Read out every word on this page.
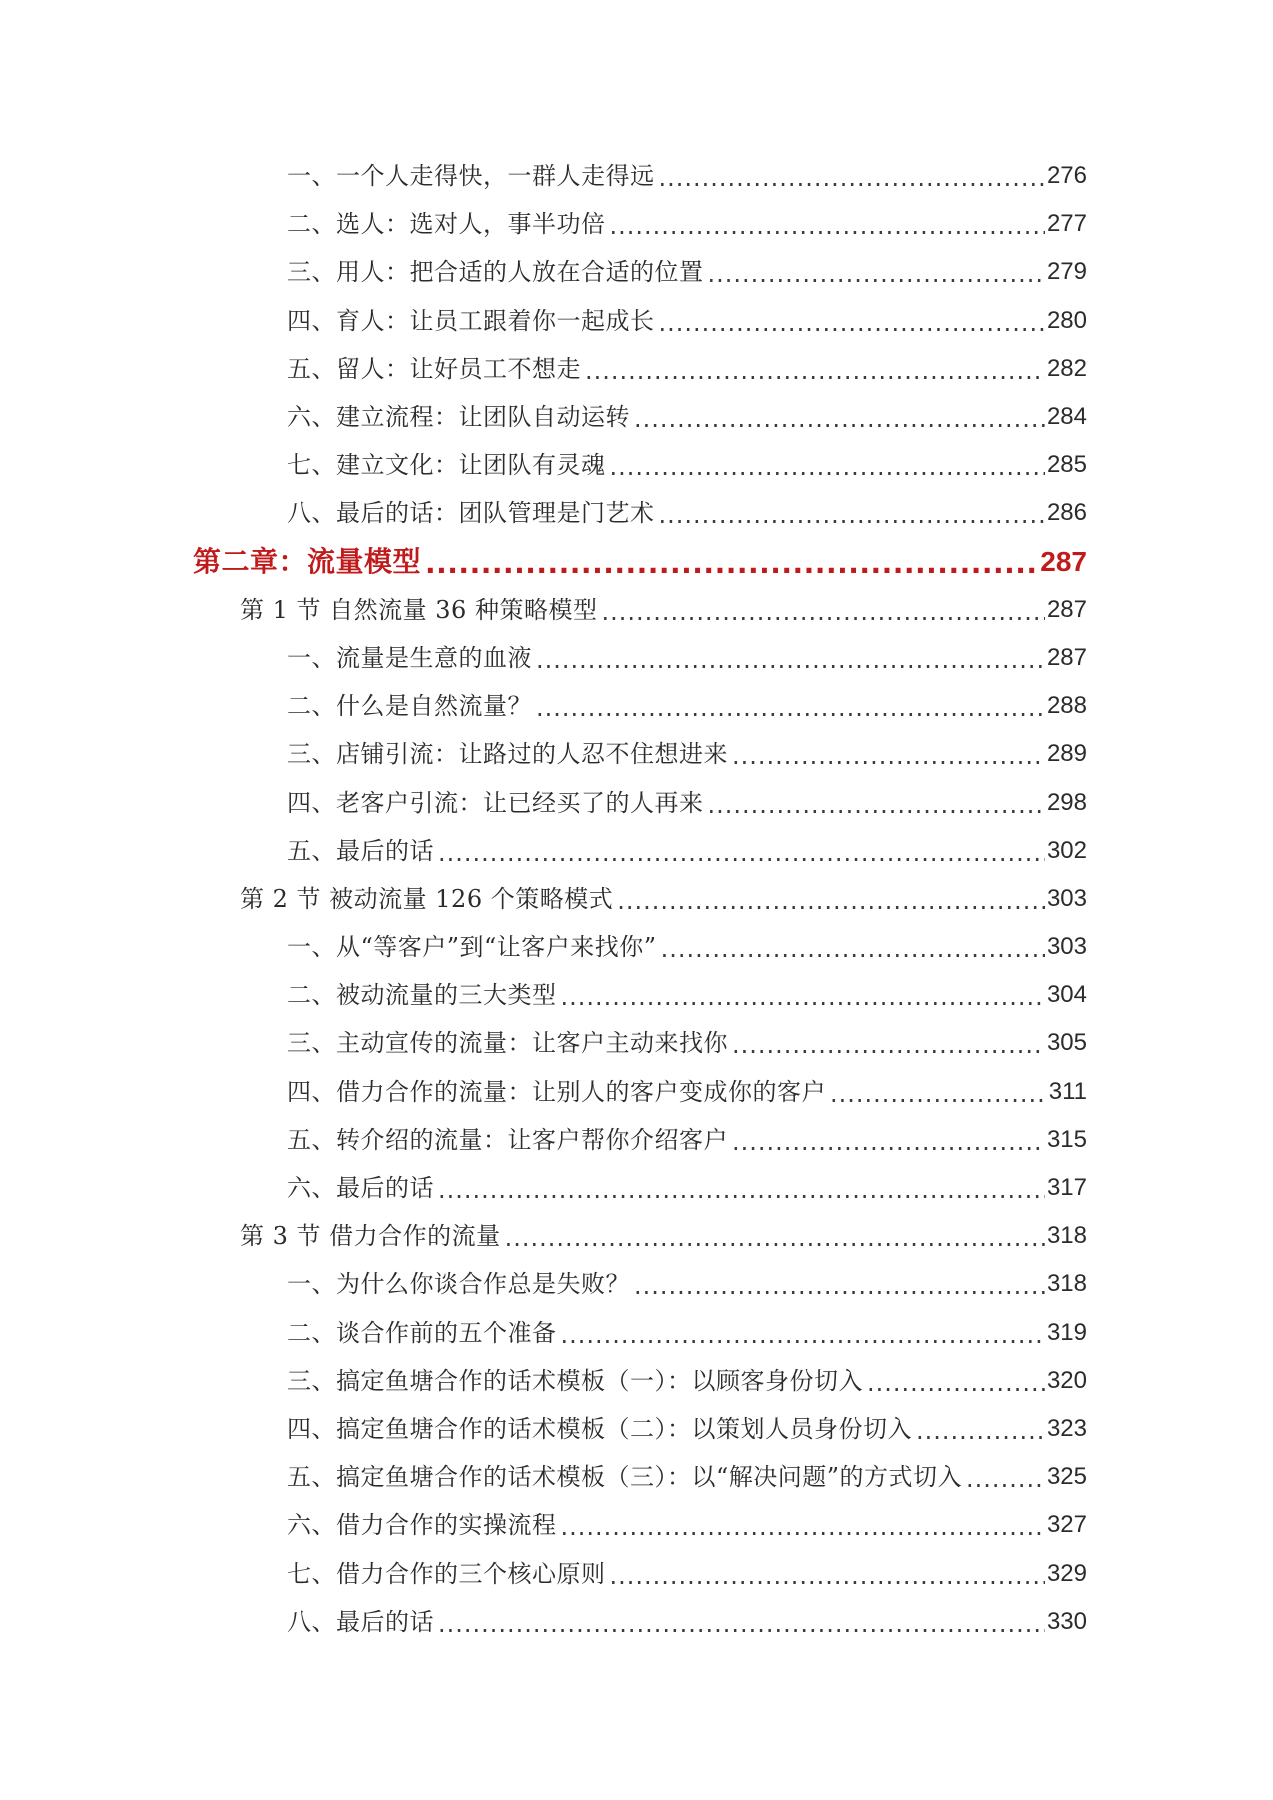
一、一个人走得快，一群人走得远 .....	276
二、选人：选对人，事半功倍 .....	277
三、用人：把合适的人放在合适的位置 .....	279
四、育人：让员工跟着你一起成长 .....	280
五、留人：让好员工不想走 .....	282
六、建立流程：让团队自动运转 .....	284
七、建立文化：让团队有灵魂 .....	285
八、最后的话：团队管理是门艺术 .....	286
第二章：流量模型 .....	287
第 1 节 自然流量 36 种策略模型 .....	287
一、流量是生意的血液 .....	287
二、什么是自然流量？ .....	288
三、店铺引流：让路过的人忍不住想进来 .....	289
四、老客户引流：让已经买了的人再来 .....	298
五、最后的话 .....	302
第 2 节 被动流量 126 个策略模式 .....	303
一、从“等客户”到“让客户来找你” .....	303
二、被动流量的三大类型 .....	304
三、主动宣传的流量：让客户主动来找你 .....	305
四、借力合作的流量：让别人的客户变成你的客户 .....	311
五、转介绍的流量：让客户帮你介绍客户 .....	315
六、最后的话 .....	317
第 3 节 借力合作的流量 .....	318
一、为什么你谈合作总是失败？ .....	318
二、谈合作前的五个准备 .....	319
三、搞定鱼塘合作的话术模板（一）：以顾客身份切入 .....	320
四、搞定鱼塘合作的话术模板（二）：以策划人员身份切入 .....	323
五、搞定鱼塘合作的话术模板（三）：以“解决问题”的方式切入 .....	325
六、借力合作的实操流程 .....	327
七、借力合作的三个核心原则 .....	329
八、最后的话 .....	330
